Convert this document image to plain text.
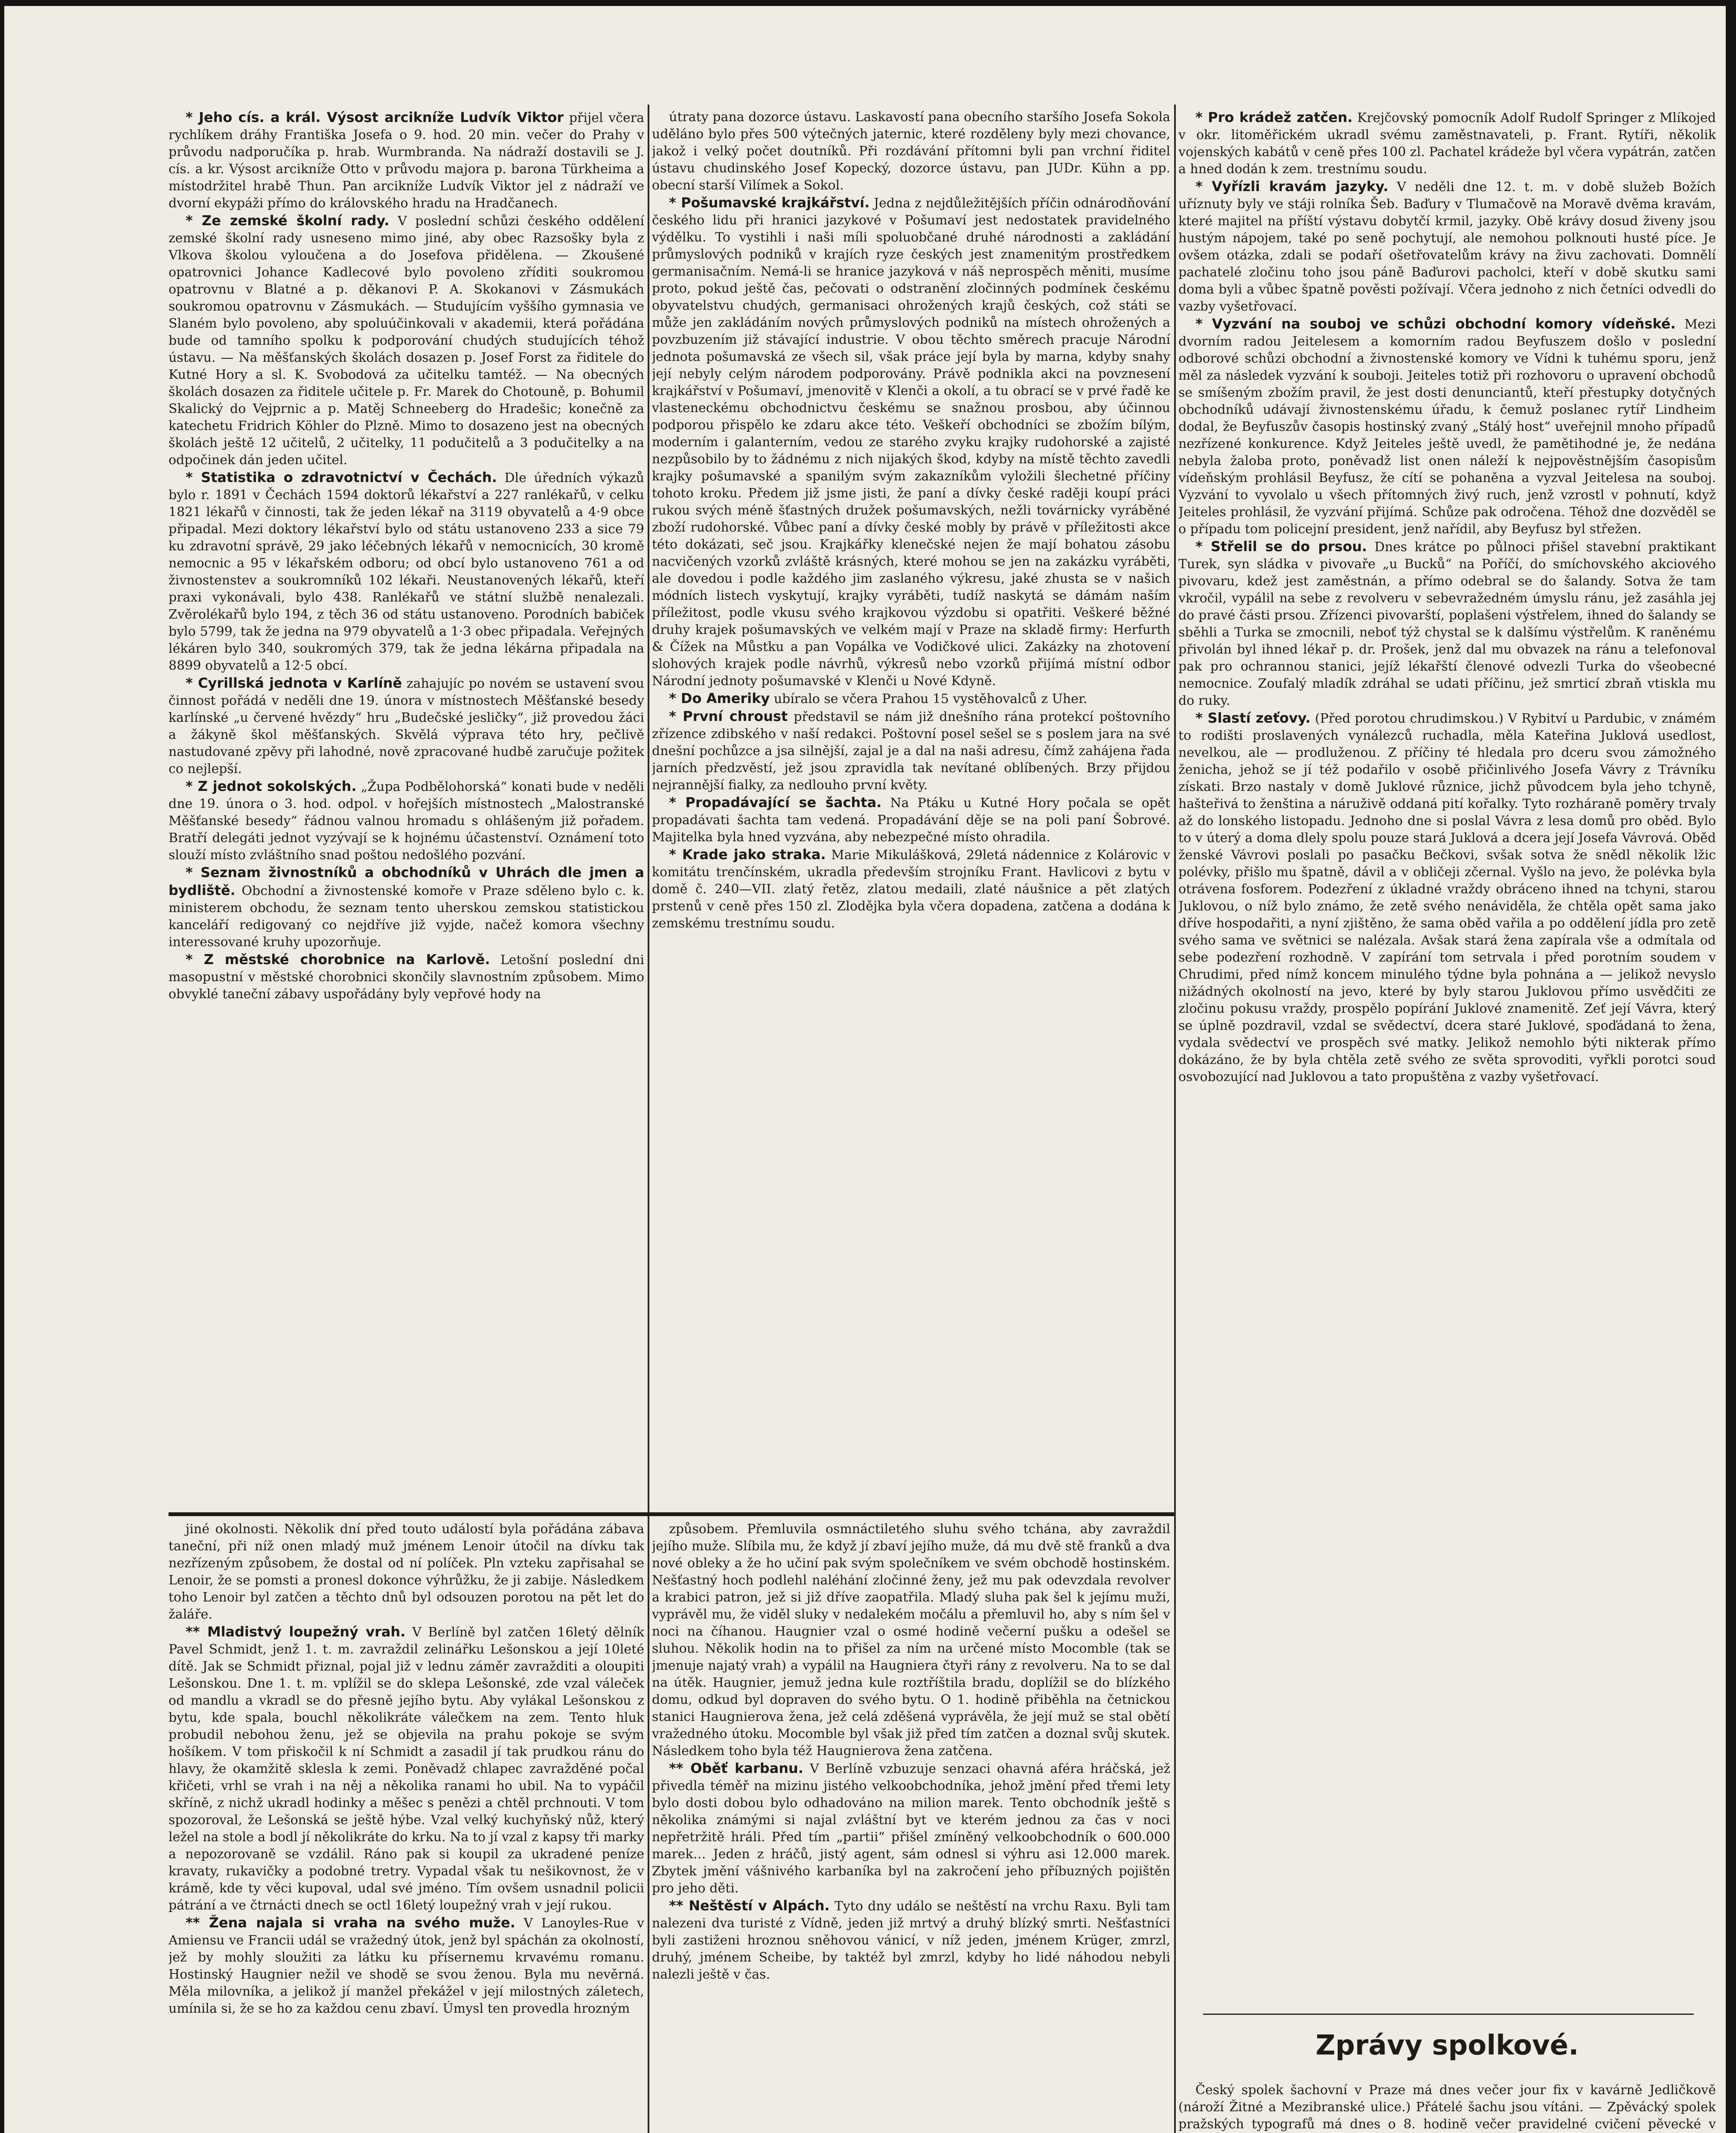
* Jeho cís. a král. Výsost arcikníže Ludvík Viktor přijel včera rychlíkem dráhy Františka Josefa o 9. hod. 20 min. večer do Prahy v průvodu nadporučíka p. hrab. Wurmbranda. Na nádraží dostavili se J. cís. a kr. Výsost arcikníže Otto v průvodu majora p. barona Türkheima a místodržitel hrabě Thun. Pan arcikníže Ludvík Viktor jel z nádraží ve dvorní ekypáži přímo do královského hradu na Hradčanech.

* Ze zemské školní rady. V poslední schůzi českého oddělení zemské školní rady usneseno mimo jiné, aby obec Razsošky byla z Vlkova školou vyloučena a do Josefova přidělena. — Zkoušené opatrovnici Johance Kadlecové bylo povoleno zříditi soukromou opatrovnu v Blatné a p. děkanovi P. A. Skokanovi v Zásmukách soukromou opatrovnu v Zásmukách. — Studujícím vyššího gymnasia ve Slaném bylo povoleno, aby spoluúčinkovali v akademii, která pořádána bude od tamního spolku k podporování chudých studujících téhož ústavu. — Na měšťanských školách dosazen p. Josef Forst za řiditele do Kutné Hory a sl. K. Svobodová za učitelku tamtéž. — Na obecných školách dosazen za řiditele učitele p. Fr. Marek do Chotouně, p. Bohumil Skalický do Vejprnic a p. Matěj Schneeberg do Hradešic; konečně za katechetu Fridrich Köhler do Plzně. Mimo to dosazeno jest na obecných školách ještě 12 učitelů, 2 učitelky, 11 podučitelů a 3 podučitelky a na odpočinek dán jeden učitel.

* Statistika o zdravotnictví v Čechách. Dle úředních výkazů bylo r. 1891 v Čechách 1594 doktorů lékařství a 227 ranlékařů, v celku 1821 lékařů v činnosti, tak že jeden lékař na 3119 obyvatelů a 4·9 obce připadal. Mezi doktory lékařství bylo od státu ustanoveno 233 a sice 79 ku zdravotní správě, 29 jako léčebných lékařů v nemocnicích, 30 kromě nemocnic a 95 v lékařském odboru; od obcí bylo ustanoveno 761 a od živnostenstev a soukromníků 102 lékaři. Neustanovených lékařů, kteří praxi vykonávali, bylo 438. Ranlékařů ve státní službě nenalezali. Zvěrolékařů bylo 194, z těch 36 od státu ustanoveno. Porodních babiček bylo 5799, tak že jedna na 979 obyvatelů a 1·3 obec připadala. Veřejných lékáren bylo 340, soukromých 379, tak že jedna lékárna připadala na 8899 obyvatelů a 12·5 obcí.

* Cyrillská jednota v Karlíně zahajujíc po novém se ustavení svou činnost pořádá v neděli dne 19. února v místnostech Měšťanské besedy karlínské „u červené hvězdy“ hru „Budečské jesličky“, již provedou žáci a žákyně škol měšťanských. Skvělá výprava této hry, pečlivě nastudované zpěvy při lahodné, nově zpracované hudbě zaručuje požitek co nejlepší.

* Z jednot sokolských. „Župa Podbělohorská“ konati bude v neděli dne 19. února o 3. hod. odpol. v hořejších místnostech „Malostranské Měšťanské besedy“ řádnou valnou hromadu s ohlášeným již pořadem. Bratří delegáti jednot vyzývají se k hojnému účastenství. Oznámení toto slouží místo zvláštního snad poštou nedošlého pozvání.

* Seznam živnostníků a obchodníků v Uhrách dle jmen a bydliště. Obchodní a živnostenské komoře v Praze sděleno bylo c. k. ministerem obchodu, že seznam tento uherskou zemskou statistickou kanceláří redigovaný co nejdříve již vyjde, načež komora všechny interessované kruhy upozorňuje.

* Z městské chorobnice na Karlově. Letošní poslední dni masopustní v městské chorobnici skončily slavnostním způsobem. Mimo obvyklé taneční zábavy uspořádány byly vepřové hody na

útraty pana dozorce ústavu. Laskavostí pana obecního staršího Josefa Sokola uděláno bylo přes 500 výtečných jaternic, které rozděleny byly mezi chovance, jakož i velký počet doutníků. Při rozdávání přítomni byli pan vrchní řiditel ústavu chudinského Josef Kopecký, dozorce ústavu, pan JUDr. Kühn a pp. obecní starší Vilímek a Sokol.

* Pošumavské krajkářství. Jedna z nejdůležitějších příčin odnárodňování českého lidu při hranici jazykové v Pošumaví jest nedostatek pravidelného výdělku. To vystihli i naši míli spoluobčané druhé národnosti a zakládání průmyslových podniků v krajích ryze českých jest znamenitým prostředkem germanisačním. Nemá-li se hranice jazyková v náš neprospěch měniti, musíme proto, pokud ještě čas, pečovati o odstranění zločinných podmínek českému obyvatelstvu chudých, germanisaci ohrožených krajů českých, což státi se může jen zakládáním nových průmyslových podniků na místech ohrožených a povzbuzením již stávající industrie. V obou těchto směrech pracuje Národní jednota pošumavská ze všech sil, však práce její byla by marna, kdyby snahy její nebyly celým národem podporovány. Právě podnikla akci na povznesení krajkářství v Pošumaví, jmenovitě v Klenči a okolí, a tu obrací se v prvé řadě ke vlasteneckému obchodnictvu českému se snažnou prosbou, aby účinnou podporou přispělo ke zdaru akce této. Veškeří obchodníci se zbožím bílým, moderním i galanterním, vedou ze starého zvyku krajky rudohorské a zajisté nezpůsobilo by to žádnému z nich nijakých škod, kdyby na místě těchto zavedli krajky pošumavské a spanilým svým zakazníkům vyložili šlechetné příčiny tohoto kroku. Předem již jsme jisti, že paní a dívky české raději koupí práci rukou svých méně šťastných družek pošumavských, nežli továrnicky vyráběné zboží rudohorské. Vůbec paní a dívky české mobly by právě v příležitosti akce této dokázati, seč jsou. Krajkářky klenečské nejen že mají bohatou zásobu nacvičených vzorků zvláště krásných, které mohou se jen na zakázku vyráběti, ale dovedou i podle každého jim zaslaného výkresu, jaké zhusta se v našich módních listech vyskytují, krajky vyráběti, tudíž naskytá se dámám naším příležitost, podle vkusu svého krajkovou výzdobu si opatřiti. Veškeré běžné druhy krajek pošumavských ve velkém mají v Praze na skladě firmy: Herfurth & Čížek na Můstku a pan Vopálka ve Vodičkové ulici. Zakázky na zhotovení slohových krajek podle návrhů, výkresů nebo vzorků přijímá místní odbor Národní jednoty pošumavské v Klenči u Nové Kdyně.

* Do Ameriky ubíralo se včera Prahou 15 vystěhovalců z Uher.

* První chroust představil se nám již dnešního rána protekcí poštovního zřízence zdibského v naší redakci. Poštovní posel sešel se s poslem jara na své dnešní pochůzce a jsa silnější, zajal je a dal na naši adresu, čímž zahájena řada jarních předzvěstí, jež jsou zpravidla tak nevítané oblíbených. Brzy přijdou nejrannější fialky, za nedlouho první květy.

* Propadávající se šachta. Na Ptáku u Kutné Hory počala se opět propadávati šachta tam vedená. Propadávání děje se na poli paní Šobrové. Majitelka byla hned vyzvána, aby nebezpečné místo ohradila.

* Krade jako straka. Marie Mikulášková, 29letá nádennice z Kolárovic v komitátu trenčínském, ukradla především strojníku Frant. Havlicovi z bytu v domě č. 240—VII. zlatý řetěz, zlatou medaili, zlaté náušnice a pět zlatých prstenů v ceně přes 150 zl. Zlodějka byla včera dopadena, zatčena a dodána k zemskému trestnímu soudu.

* Pro krádež zatčen. Krejčovský pomocník Adolf Rudolf Springer z Mlíkojed v okr. litoměřickém ukradl svému zaměstnavateli, p. Frant. Rytíři, několik vojenských kabátů v ceně přes 100 zl. Pachatel krádeže byl včera vypátrán, zatčen a hned dodán k zem. trestnímu soudu.

* Vyřízli kravám jazyky. V neděli dne 12. t. m. v době služeb Božích uříznuty byly ve stáji rolníka Šeb. Baďury v Tlumačově na Moravě dvěma kravám, které majitel na příští výstavu dobytčí krmil, jazyky. Obě krávy dosud živeny jsou hustým nápojem, také po seně pochytují, ale nemohou polknouti husté píce. Je ovšem otázka, zdali se podaří ošetřovatelům krávy na živu zachovati. Domnělí pachatelé zločinu toho jsou páně Baďurovi pacholci, kteří v době skutku sami doma byli a vůbec špatně pověsti požívají. Včera jednoho z nich četníci odvedli do vazby vyšetřovací.

* Vyzvání na souboj ve schůzi obchodní komory vídeňské. Mezi dvorním radou Jeitelesem a komorním radou Beyfuszem došlo v poslední odborové schůzi obchodní a živnostenské komory ve Vídni k tuhému sporu, jenž měl za následek vyzvání k souboji. Jeiteles totiž při rozhovoru o upravení obchodů se smíšeným zbožím pravil, že jest dosti denunciantů, kteří přestupky dotyčných obchodníků udávají živnostenskému úřadu, k čemuž poslanec rytíř Lindheim dodal, že Beyfuszův časopis hostinský zvaný „Stálý host“ uveřejnil mnoho případů nezřízené konkurence. Když Jeiteles ještě uvedl, že pamětihodné je, že nedána nebyla žaloba proto, poněvadž list onen náleží k nejpověstnějším časopisům vídeňským prohlásil Beyfusz, že cítí se pohaněna a vyzval Jeitelesa na souboj. Vyzvání to vyvolalo u všech přítomných živý ruch, jenž vzrostl v pohnutí, když Jeiteles prohlásil, že vyzvání přijímá. Schůze pak odročena. Téhož dne dozvěděl se o případu tom policejní president, jenž nařídil, aby Beyfusz byl střežen.

* Střelil se do prsou. Dnes krátce po půlnoci přišel stavební praktikant Turek, syn sládka v pivovaře „u Bucků“ na Poříčí, do smíchovského akciového pivovaru, kdež jest zaměstnán, a přímo odebral se do šalandy. Sotva že tam vkročil, vypálil na sebe z revolveru v sebevražedném úmyslu ránu, jež zasáhla jej do pravé části prsou. Zřízenci pivovarští, poplašeni výstřelem, ihned do šalandy se sběhli a Turka se zmocnili, neboť týž chystal se k dalšímu výstřelům. K raněnému přivolán byl ihned lékař p. dr. Prošek, jenž dal mu obvazek na ránu a telefonoval pak pro ochrannou stanici, jejíž lékařští členové odvezli Turka do všeobecné nemocnice. Zoufalý mladík zdráhal se udati příčinu, jež smrticí zbraň vtiskla mu do ruky.

* Slastí zeťovy. (Před porotou chrudimskou.) V Rybitví u Pardubic, v známém to rodišti proslavených vynálezců ruchadla, měla Kateřina Juklová usedlost, nevelkou, ale — prodluženou. Z příčiny té hledala pro dceru svou zámožného ženicha, jehož se jí též podařilo v osobě přičinlivého Josefa Vávry z Trávníku získati. Brzo nastaly v domě Juklové různice, jichž původcem byla jeho tchyně, hašteřivá to ženština a náruživě oddaná pití kořalky. Tyto rozháraně poměry trvaly až do lonského listopadu. Jednoho dne si poslal Vávra z lesa domů pro oběd. Bylo to v úterý a doma dlely spolu pouze stará Juklová a dcera její Josefa Vávrová. Oběd ženské Vávrovi poslali po pasačku Bečkovi, svšak sotva že snědl několik lžic polévky, přišlo mu špatně, dávil a v obličeji zčernal. Vyšlo na jevo, že polévka byla otrávena fosforem. Podezření z úkladné vraždy obráceno ihned na tchyni, starou Juklovou, o níž bylo známo, že zetě svého nenáviděla, že chtěla opět sama jako dříve hospodařiti, a nyní zjištěno, že sama oběd vařila a po oddělení jídla pro zetě svého sama ve světnici se nalézala. Avšak stará žena zapírala vše a odmítala od sebe podezření rozhodně. V zapírání tom setrvala i před porotním soudem v Chrudimi, před nímž koncem minulého týdne byla pohnána a — jelikož nevyslo nižádných okolností na jevo, které by byly starou Juklovou přímo usvědčiti ze zločinu pokusu vraždy, prospělo popírání Juklové znamenitě. Zeť její Vávra, který se úplně pozdravil, vzdal se svědectví, dcera staré Juklové, spoďádaná to žena, vydala svědectví ve prospěch své matky. Jelikož nemohlo býti nikterak přímo dokázáno, že by byla chtěla zetě svého ze světa sprovoditi, vyřkli porotci soud osvobozující nad Juklovou a tato propuštěna z vazby vyšetřovací.

jiné okolnosti. Několik dní před touto událostí byla pořádána zábava taneční, při níž onen mladý muž jménem Lenoir útočil na dívku tak nezřízeným způsobem, že dostal od ní políček. Pln vzteku zapřisahal se Lenoir, že se pomsti a pronesl dokonce výhrůžku, že ji zabije. Následkem toho Lenoir byl zatčen a těchto dnů byl odsouzen porotou na pět let do žaláře.

** Mladistvý loupežný vrah. V Berlíně byl zatčen 16letý dělník Pavel Schmidt, jenž 1. t. m. zavraždil zelinářku Lešonskou a její 10leté dítě. Jak se Schmidt přiznal, pojal již v lednu záměr zavražditi a oloupiti Lešonskou. Dne 1. t. m. vplížil se do sklepa Lešonské, zde vzal váleček od mandlu a vkradl se do přesně jejího bytu. Aby vylákal Lešonskou z bytu, kde spala, bouchl několikráte válečkem na zem. Tento hluk probudil nebohou ženu, jež se objevila na prahu pokoje se svým hošíkem. V tom přiskočil k ní Schmidt a zasadil jí tak prudkou ránu do hlavy, že okamžitě sklesla k zemi. Poněvadž chlapec zavražděné počal křičeti, vrhl se vrah i na něj a několika ranami ho ubil. Na to vypáčil skříně, z nichž ukradl hodinky a měšec s penězi a chtěl prchnouti. V tom spozoroval, že Lešonská se ještě hýbe. Vzal velký kuchyňský nůž, který ležel na stole a bodl jí několikráte do krku. Na to jí vzal z kapsy tři marky a nepozorovaně se vzdálil. Ráno pak si koupil za ukradené peníze kravaty, rukavičky a podobné tretry. Vypadal však tu nešikovnost, že v krámě, kde ty věci kupoval, udal své jméno. Tím ovšem usnadnil policii pátrání a ve čtrnácti dnech se octl 16letý loupežný vrah v její rukou.

** Žena najala si vraha na svého muže. V Lanoyles-Rue v Amiensu ve Francii udál se vražedný útok, jenž byl spáchán za okolností, jež by mohly sloužiti za látku ku přísernemu krvavému romanu. Hostinský Haugnier nežil ve shodě se svou ženou. Byla mu nevěrná. Měla milovníka, a jelikož jí manžel překážel v její milostných záletech, umínila si, že se ho za každou cenu zbaví. Úmysl ten provedla hrozným

způsobem. Přemluvila osmnáctiletého sluhu svého tchána, aby zavraždil jejího muže. Slíbila mu, že když jí zbaví jejího muže, dá mu dvě stě franků a dva nové obleky a že ho učiní pak svým společníkem ve svém obchodě hostinském. Nešťastný hoch podlehl naléhání zločinné ženy, jež mu pak odevzdala revolver a krabici patron, jež si již dříve zaopatřila. Mladý sluha pak šel k jejímu muži, vyprávěl mu, že viděl sluky v nedalekém močálu a přemluvil ho, aby s ním šel v noci na číhanou. Haugnier vzal o osmé hodině večerní pušku a odešel se sluhou. Několik hodin na to přišel za ním na určené místo Mocomble (tak se jmenuje najatý vrah) a vypálil na Haugniera čtyři rány z revolveru. Na to se dal na útěk. Haugnier, jemuž jedna kule roztříštila bradu, doplížil se do blízkého domu, odkud byl dopraven do svého bytu. O 1. hodině přiběhla na četnickou stanici Haugnierova žena, jež celá zděšená vyprávěla, že její muž se stal obětí vražedného útoku. Mocomble byl však již před tím zatčen a doznal svůj skutek. Následkem toho byla též Haugnierova žena zatčena.

** Oběť karbanu. V Berlíně vzbuzuje senzaci ohavná aféra hráčská, jež přivedla téměř na mizinu jistého velkoobchodníka, jehož jmění před třemi lety bylo dosti dobou bylo odhadováno na milion marek. Tento obchodník ještě s několika známými si najal zvláštní byt ve kterém jednou za čas v noci nepřetržitě hráli. Před tím „partii“ přišel zmíněný velkoobchodník o 600.000 marek… Jeden z hráčů, jistý agent, sám odnesl si výhru asi 12.000 marek. Zbytek jmění vášnivého karbaníka byl na zakročení jeho příbuzných pojištěn pro jeho děti.

** Neštěstí v Alpách. Tyto dny událo se neštěstí na vrchu Raxu. Byli tam nalezeni dva turisté z Vídně, jeden již mrtvý a druhý blízký smrti. Nešťastníci byli zastiženi hroznou sněhovou vánicí, v níž jeden, jménem Krüger, zmrzl, druhý, jménem Scheibe, by taktéž byl zmrzl, kdyby ho lidé náhodou nebyli nalezli ještě v čas.

Zprávy spolkové.

Český spolek šachovní v Praze má dnes večer jour fix v kavárně Jedličkově (nároží Žitné a Mezibranské ulice.) Přátelé šachu jsou vítáni. — Zpěvácký spolek pražských typografů má dnes o 8. hodině večer pravidelné cvičení pěvecké v
